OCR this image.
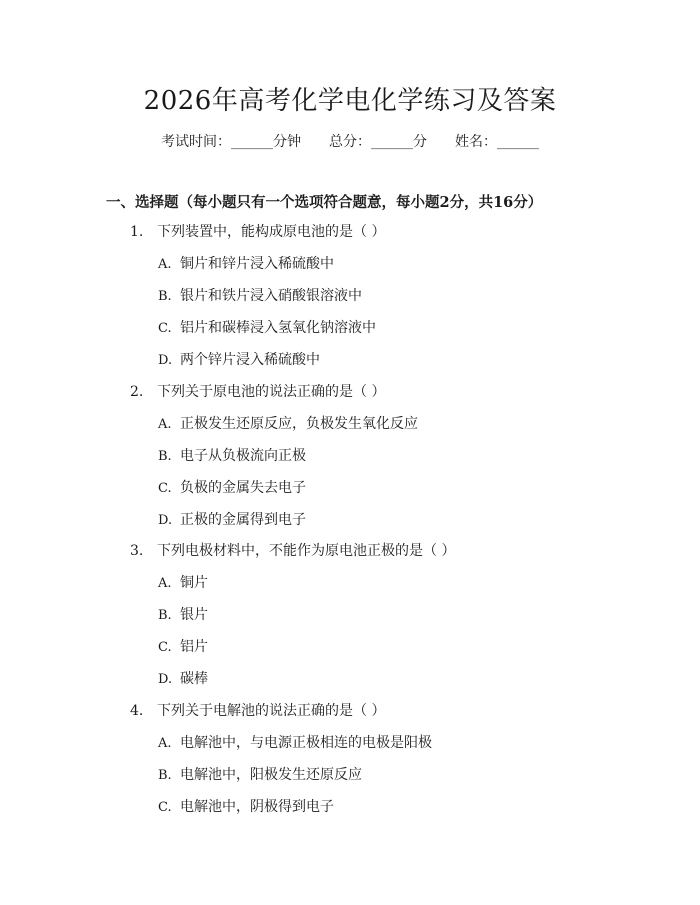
2026年高考化学电化学练习及答案
考试时间：______分钟 总分：______分 姓名：______
一、选择题（每小题只有一个选项符合题意，每小题2分，共16分）
1. 下列装置中，能构成原电池的是（ ）
A. 铜片和锌片浸入稀硫酸中
B. 银片和铁片浸入硝酸银溶液中
C. 铝片和碳棒浸入氢氧化钠溶液中
D. 两个锌片浸入稀硫酸中
2. 下列关于原电池的说法正确的是（ ）
A. 正极发生还原反应，负极发生氧化反应
B. 电子从负极流向正极
C. 负极的金属失去电子
D. 正极的金属得到电子
3. 下列电极材料中，不能作为原电池正极的是（ ）
A. 铜片
B. 银片
C. 铝片
D. 碳棒
4. 下列关于电解池的说法正确的是（ ）
A. 电解池中，与电源正极相连的电极是阳极
B. 电解池中，阳极发生还原反应
C. 电解池中，阴极得到电子
